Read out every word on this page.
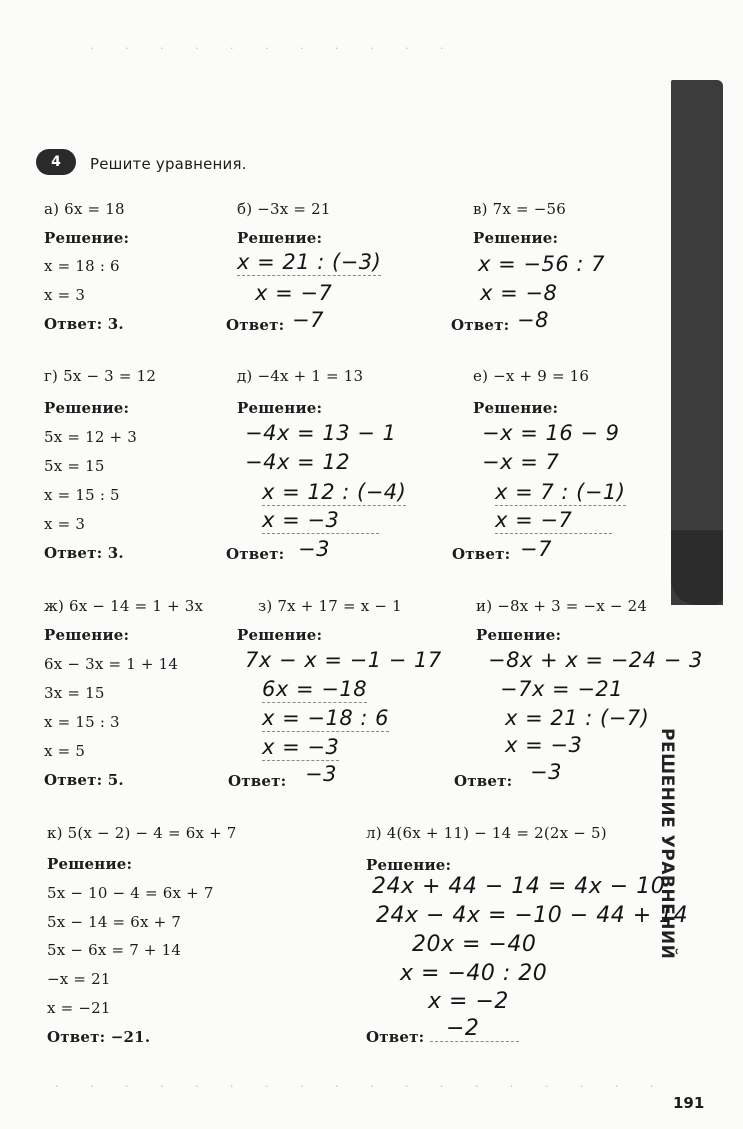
· · · · · · · · · · ·
· · · · · · · · · · · · · · · · · ·
РЕШЕНИЕ УРАВНЕНИЙ
4	Решите уравнения.
а) 6x = 18
Решение:
x = 18 : 6
x = 3
Ответ: 3.
б) −3x = 21
Решение:
x = 21 : (−3)
x = −7
Ответ: −7
в) 7x = −56
Решение:
x = −56 : 7
x = −8
Ответ: −8
г) 5x − 3 = 12
Решение:
5x = 12 + 3
5x = 15
x = 15 : 5
x = 3
Ответ: 3.
д) −4x + 1 = 13
Решение:
−4x = 13 − 1
−4x = 12
x = 12 : (−4)
x = −3
Ответ: −3
е) −x + 9 = 16
Решение:
−x = 16 − 9
−x = 7
x = 7 : (−1)
x = −7
Ответ: −7
ж) 6x − 14 = 1 + 3x
Решение:
6x − 3x = 1 + 14
3x = 15
x = 15 : 3
x = 5
Ответ: 5.
з) 7x + 17 = x − 1
Решение:
7x − x = −1 − 17
6x = −18
x = −18 : 6
x = −3
Ответ: −3
и) −8x + 3 = −x − 24
Решение:
−8x + x = −24 − 3
−7x = −21
x = 21 : (−7)
x = −3
Ответ: −3
к) 5(x − 2) − 4 = 6x + 7
Решение:
5x − 10 − 4 = 6x + 7
5x − 14 = 6x + 7
5x − 6x = 7 + 14
−x = 21
x = −21
Ответ: −21.
л) 4(6x + 11) − 14 = 2(2x − 5)
Решение:
24x + 44 − 14 = 4x − 10
24x − 4x = −10 − 44 + 14
20x = −40
x = −40 : 20
x = −2
Ответ: −2
191
